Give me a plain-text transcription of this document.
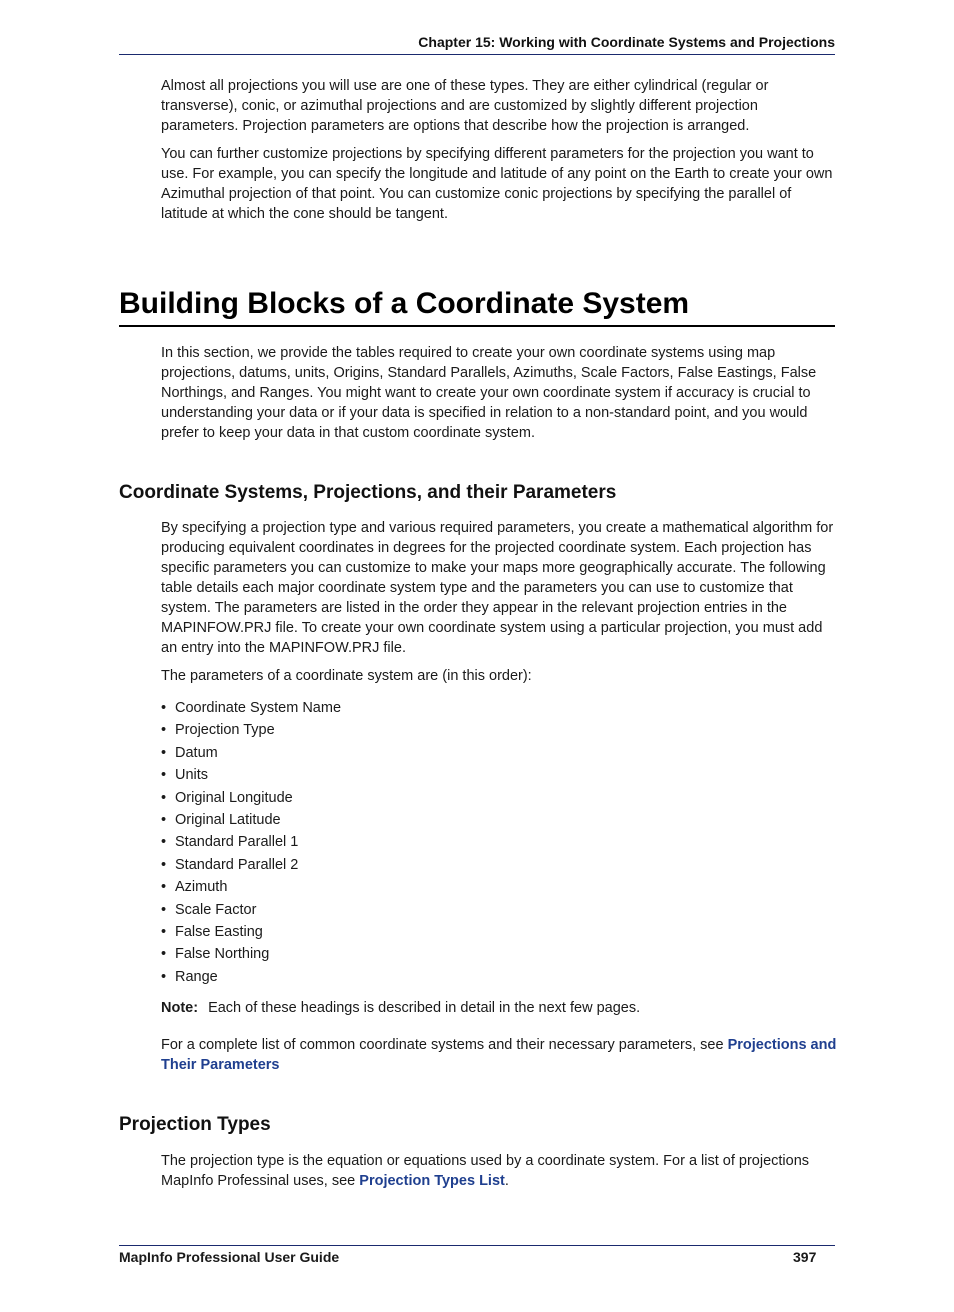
Chapter 15: Working with Coordinate Systems and Projections

Almost all projections you will use are one of these types. They are either cylindrical (regular or transverse), conic, or azimuthal projections and are customized by slightly different projection parameters. Projection parameters are options that describe how the projection is arranged.

You can further customize projections by specifying different parameters for the projection you want to use. For example, you can specify the longitude and latitude of any point on the Earth to create your own Azimuthal projection of that point. You can customize conic projections by specifying the parallel of latitude at which the cone should be tangent.

Building Blocks of a Coordinate System

In this section, we provide the tables required to create your own coordinate systems using map projections, datums, units, Origins, Standard Parallels, Azimuths, Scale Factors, False Eastings, False Northings, and Ranges. You might want to create your own coordinate system if accuracy is crucial to understanding your data or if your data is specified in relation to a non-standard point, and you would prefer to keep your data in that custom coordinate system.

Coordinate Systems, Projections, and their Parameters

By specifying a projection type and various required parameters, you create a mathematical algorithm for producing equivalent coordinates in degrees for the projected coordinate system. Each projection has specific parameters you can customize to make your maps more geographically accurate. The following table details each major coordinate system type and the parameters you can use to customize that system. The parameters are listed in the order they appear in the relevant projection entries in the MAPINFOW.PRJ file. To create your own coordinate system using a particular projection, you must add an entry into the MAPINFOW.PRJ file.

The parameters of a coordinate system are (in this order):

• Coordinate System Name
• Projection Type
• Datum
• Units
• Original Longitude
• Original Latitude
• Standard Parallel 1
• Standard Parallel 2
• Azimuth
• Scale Factor
• False Easting
• False Northing
• Range
Note: Each of these headings is described in detail in the next few pages.

For a complete list of common coordinate systems and their necessary parameters, see Projections and Their Parameters

Projection Types

The projection type is the equation or equations used by a coordinate system. For a list of projections MapInfo Professinal uses, see Projection Types List.

MapInfo Professional User Guide	397
